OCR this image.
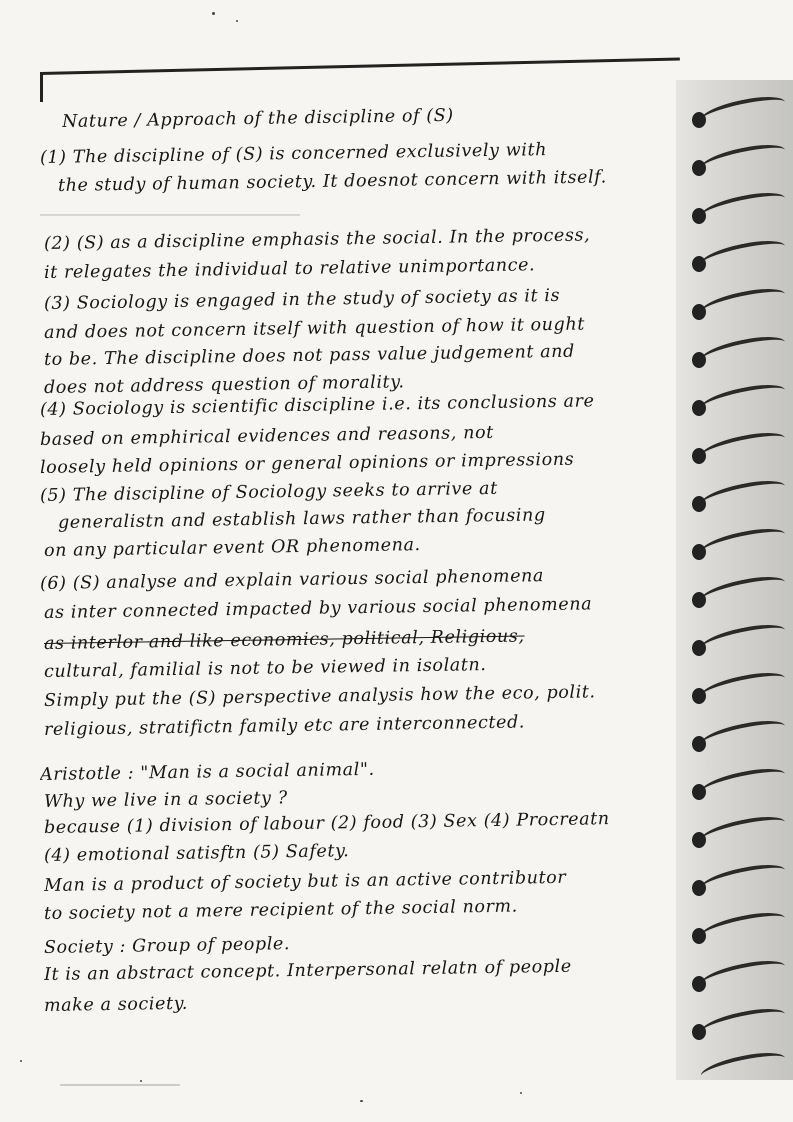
Nature / Approach of the discipline of (S)
(1) The discipline of (S) is concerned exclusively with
the study of human society. It doesnot concern with itself.
(2) (S) as a discipline emphasis the social. In the process,
it relegates the individual to relative unimportance.
(3) Sociology is engaged in the study of society as it is
and does not concern itself with question of how it ought
to be. The discipline does not pass value judgement and
does not address question of morality.
(4) Sociology is scientific discipline i.e. its conclusions are
based on emphirical evidences and reasons, not
loosely held opinions or general opinions or impressions
(5) The discipline of Sociology seeks to arrive at
generalistn and establish laws rather than focusing
on any particular event OR phenomena.
(6) (S) analyse and explain various social phenomena
as inter connected impacted by various social phenomena
as interlor and like economics, political, Religious,
cultural, familial is not to be viewed in isolatn.
Simply put the (S) perspective analysis how the eco, polit.
religious, stratifictn family etc are interconnected.
Aristotle : "Man is a social animal".
Why we live in a society ?
because (1) division of labour (2) food (3) Sex (4) Procreatn
(4) emotional satisftn (5) Safety.
Man is a product of society but is an active contributor
to society not a mere recipient of the social norm.
Society : Group of people.
It is an abstract concept. Interpersonal relatn of people
make a society.
